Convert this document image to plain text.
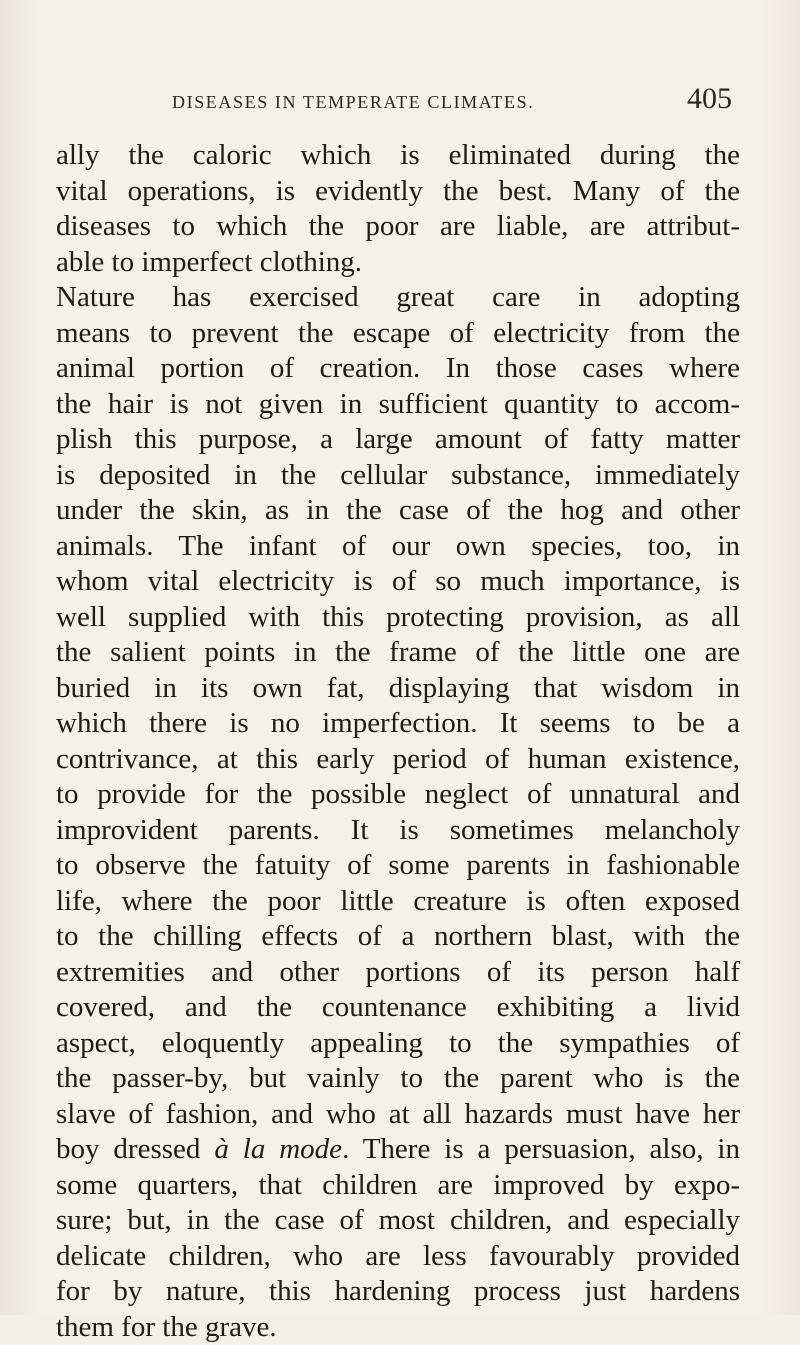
DISEASES IN TEMPERATE CLIMATES.	405
ally the caloric which is eliminated during the
vital operations, is evidently the best. Many of the
diseases to which the poor are liable, are attribut-
able to imperfect clothing.
Nature has exercised great care in adopting
means to prevent the escape of electricity from the
animal portion of creation. In those cases where
the hair is not given in sufficient quantity to accom-
plish this purpose, a large amount of fatty matter
is deposited in the cellular substance, immediately
under the skin, as in the case of the hog and other
animals. The infant of our own species, too, in
whom vital electricity is of so much importance, is
well supplied with this protecting provision, as all
the salient points in the frame of the little one are
buried in its own fat, displaying that wisdom in
which there is no imperfection. It seems to be a
contrivance, at this early period of human existence,
to provide for the possible neglect of unnatural and
improvident parents. It is sometimes melancholy
to observe the fatuity of some parents in fashionable
life, where the poor little creature is often exposed
to the chilling effects of a northern blast, with the
extremities and other portions of its person half
covered, and the countenance exhibiting a livid
aspect, eloquently appealing to the sympathies of
the passer-by, but vainly to the parent who is the
slave of fashion, and who at all hazards must have her
boy dressed à la mode. There is a persuasion, also, in
some quarters, that children are improved by expo-
sure; but, in the case of most children, and especially
delicate children, who are less favourably provided
for by nature, this hardening process just hardens
them for the grave.
